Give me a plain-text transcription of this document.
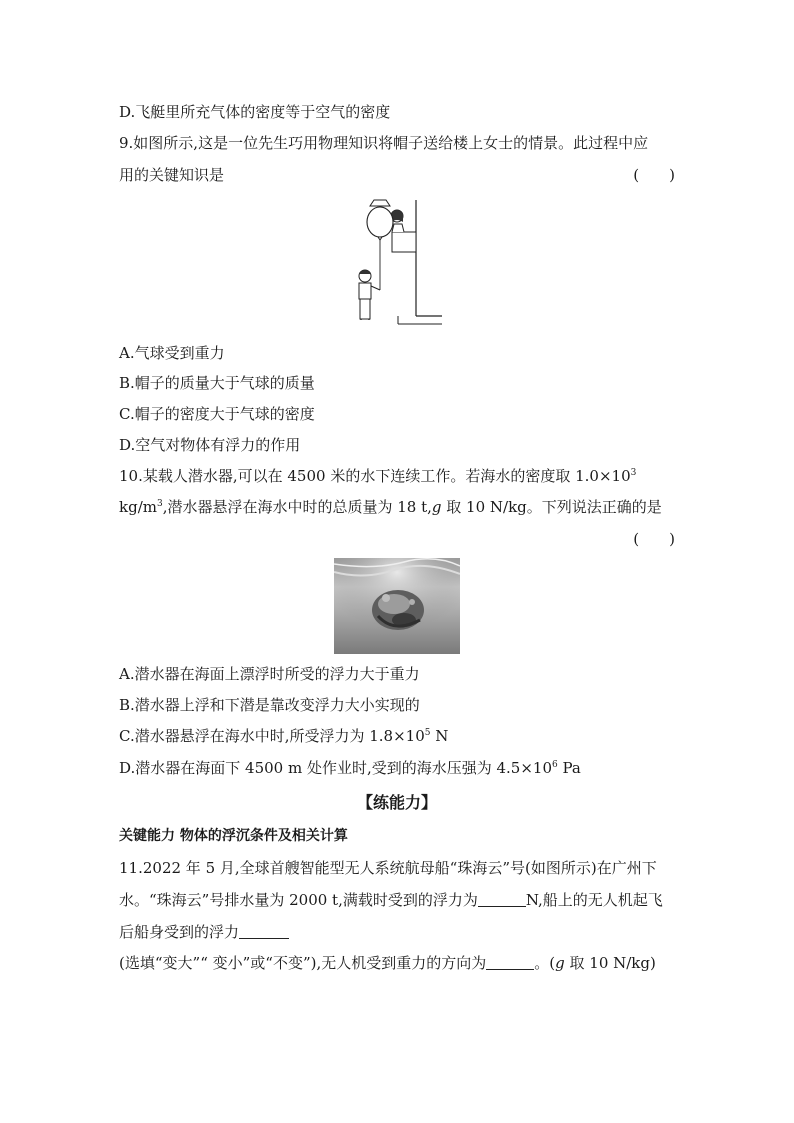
D.飞艇里所充气体的密度等于空气的密度
9.如图所示,这是一位先生巧用物理知识将帽子送给楼上女士的情景。此过程中应
用的关键知识是	(　　)
A.气球受到重力
B.帽子的质量大于气球的质量
C.帽子的密度大于气球的密度
D.空气对物体有浮力的作用
10.某载人潜水器,可以在 4500 米的水下连续工作。若海水的密度取 $1.0\times 10^3$
$kg/m^3$,潜水器悬浮在海水中时的总质量为 18 t,g 取 10 N/kg。下列说法正确的是
(　　)
A.潜水器在海面上漂浮时所受的浮力大于重力
B.潜水器上浮和下潜是靠改变浮力大小实现的
C.潜水器悬浮在海水中时,所受浮力为 $1.8\times 10^5$ N
D.潜水器在海面下 4500 m 处作业时,受到的海水压强为 $4.5\times 10^6$ Pa
【练能力】
关键能力 物体的浮沉条件及相关计算
11.2022 年 5 月,全球首艘智能型无人系统航母船“珠海云”号(如图所示)在广州下
水。“珠海云”号排水量为 2000 t,满载时受到的浮力为	N,船上的无人机起飞
后船身受到的浮力
(选填“变大”“ 变小”或“不变”),无人机受到重力的方向为	。(g 取 10 N/kg)
